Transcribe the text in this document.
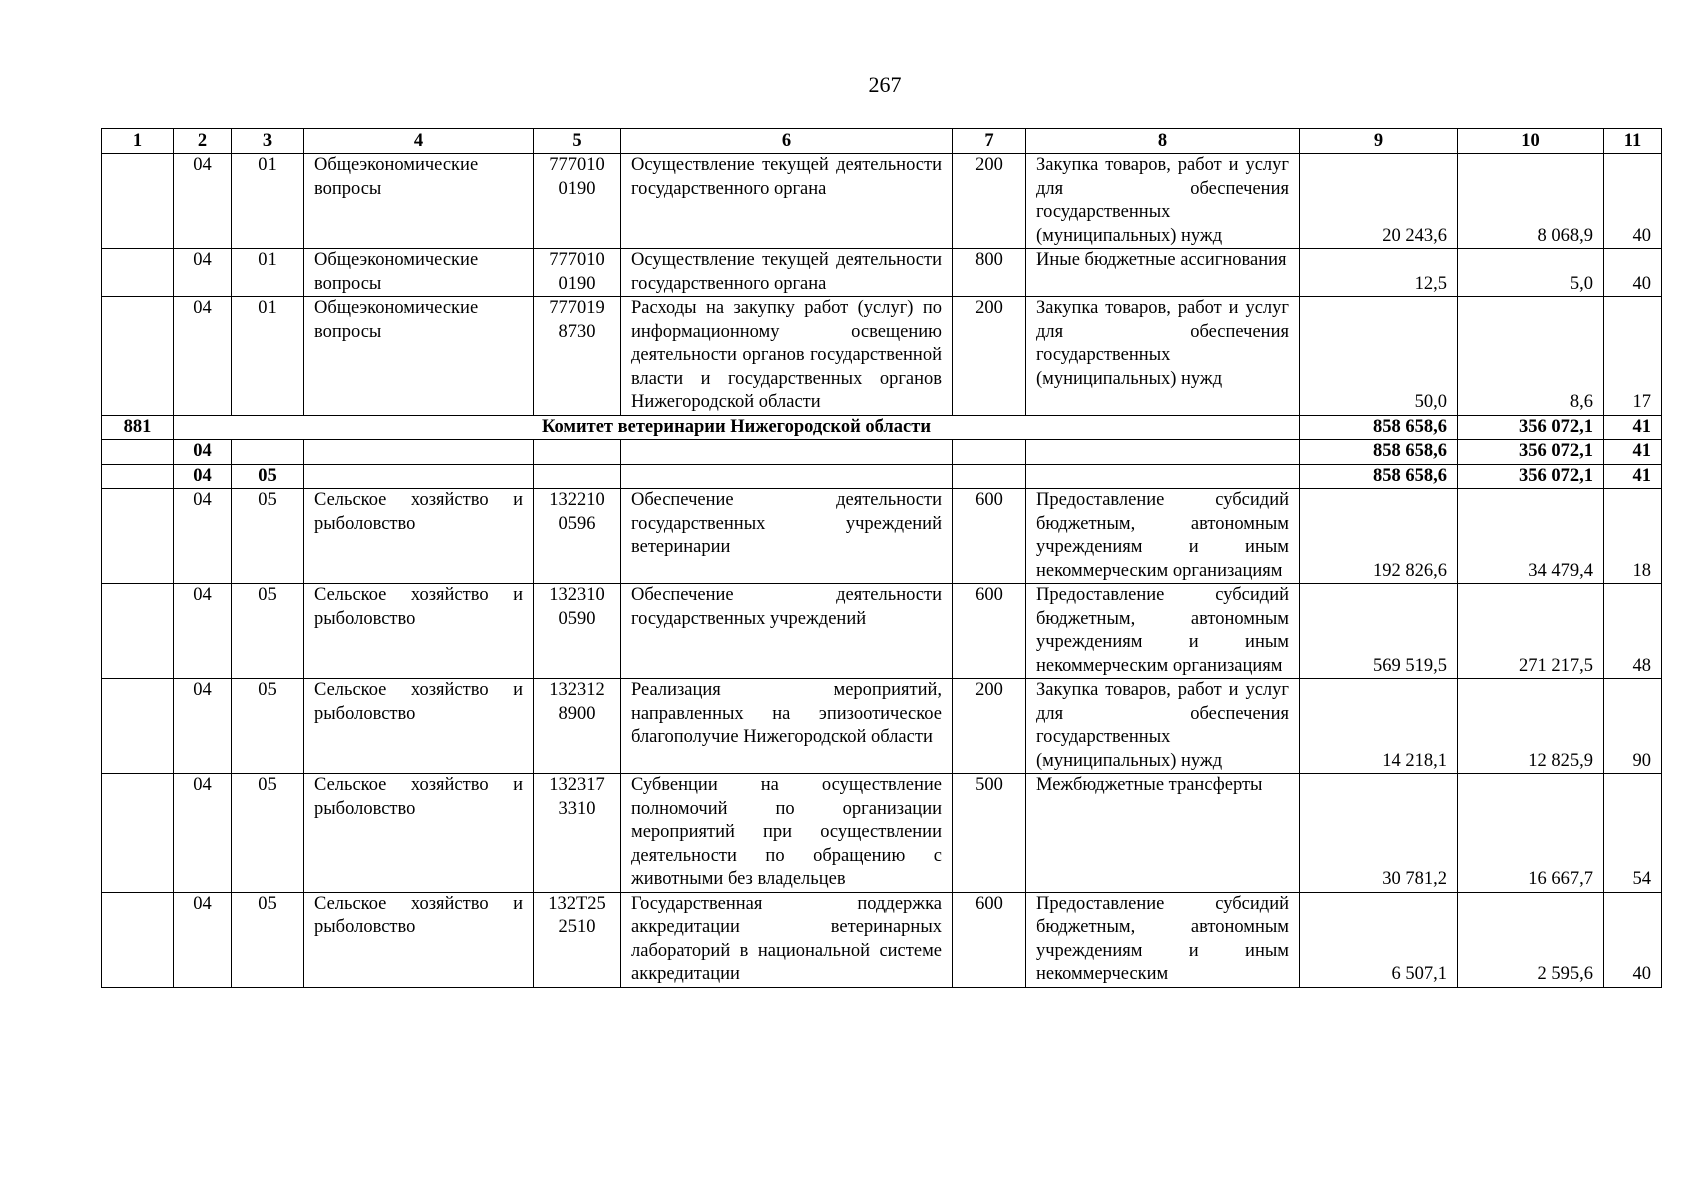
267
1	2	3	4	5	6	7	8	9	10	11
	04	01	Общеэкономические вопросы	777010 0190	Осуществление текущей деятельности государственного органа	200	Закупка товаров, работ и услуг для обеспечения государственных (муниципальных) нужд	20 243,6	8 068,9	40
	04	01	Общеэкономические вопросы	777010 0190	Осуществление текущей деятельности государственного органа	800	Иные бюджетные ассигнования	12,5	5,0	40
	04	01	Общеэкономические вопросы	777019 8730	Расходы на закупку работ (услуг) по информационному освещению деятельности органов государственной власти и государственных органов Нижегородской области	200	Закупка товаров, работ и услуг для обеспечения государственных (муниципальных) нужд	50,0	8,6	17
881	Комитет ветеринарии Нижегородской области							858 658,6	356 072,1	41
	04							858 658,6	356 072,1	41
	04	05						858 658,6	356 072,1	41
	04	05	Сельское хозяйство и рыболовство	132210 0596	Обеспечение деятельности государственных учреждений ветеринарии	600	Предоставление субсидий бюджетным, автономным учреждениям и иным некоммерческим организациям	192 826,6	34 479,4	18
	04	05	Сельское хозяйство и рыболовство	132310 0590	Обеспечение деятельности государственных учреждений	600	Предоставление субсидий бюджетным, автономным учреждениям и иным некоммерческим организациям	569 519,5	271 217,5	48
	04	05	Сельское хозяйство и рыболовство	132312 8900	Реализация мероприятий, направленных на эпизоотическое благополучие Нижегородской области	200	Закупка товаров, работ и услуг для обеспечения государственных (муниципальных) нужд	14 218,1	12 825,9	90
	04	05	Сельское хозяйство и рыболовство	132317 3310	Субвенции на осуществление полномочий по организации мероприятий при осуществлении деятельности по обращению с животными без владельцев	500	Межбюджетные трансферты	30 781,2	16 667,7	54
	04	05	Сельское хозяйство и рыболовство	132T25 2510	Государственная поддержка аккредитации ветеринарных лабораторий в национальной системе аккредитации	600	Предоставление субсидий бюджетным, автономным учреждениям и иным некоммерческим	6 507,1	2 595,6	40
